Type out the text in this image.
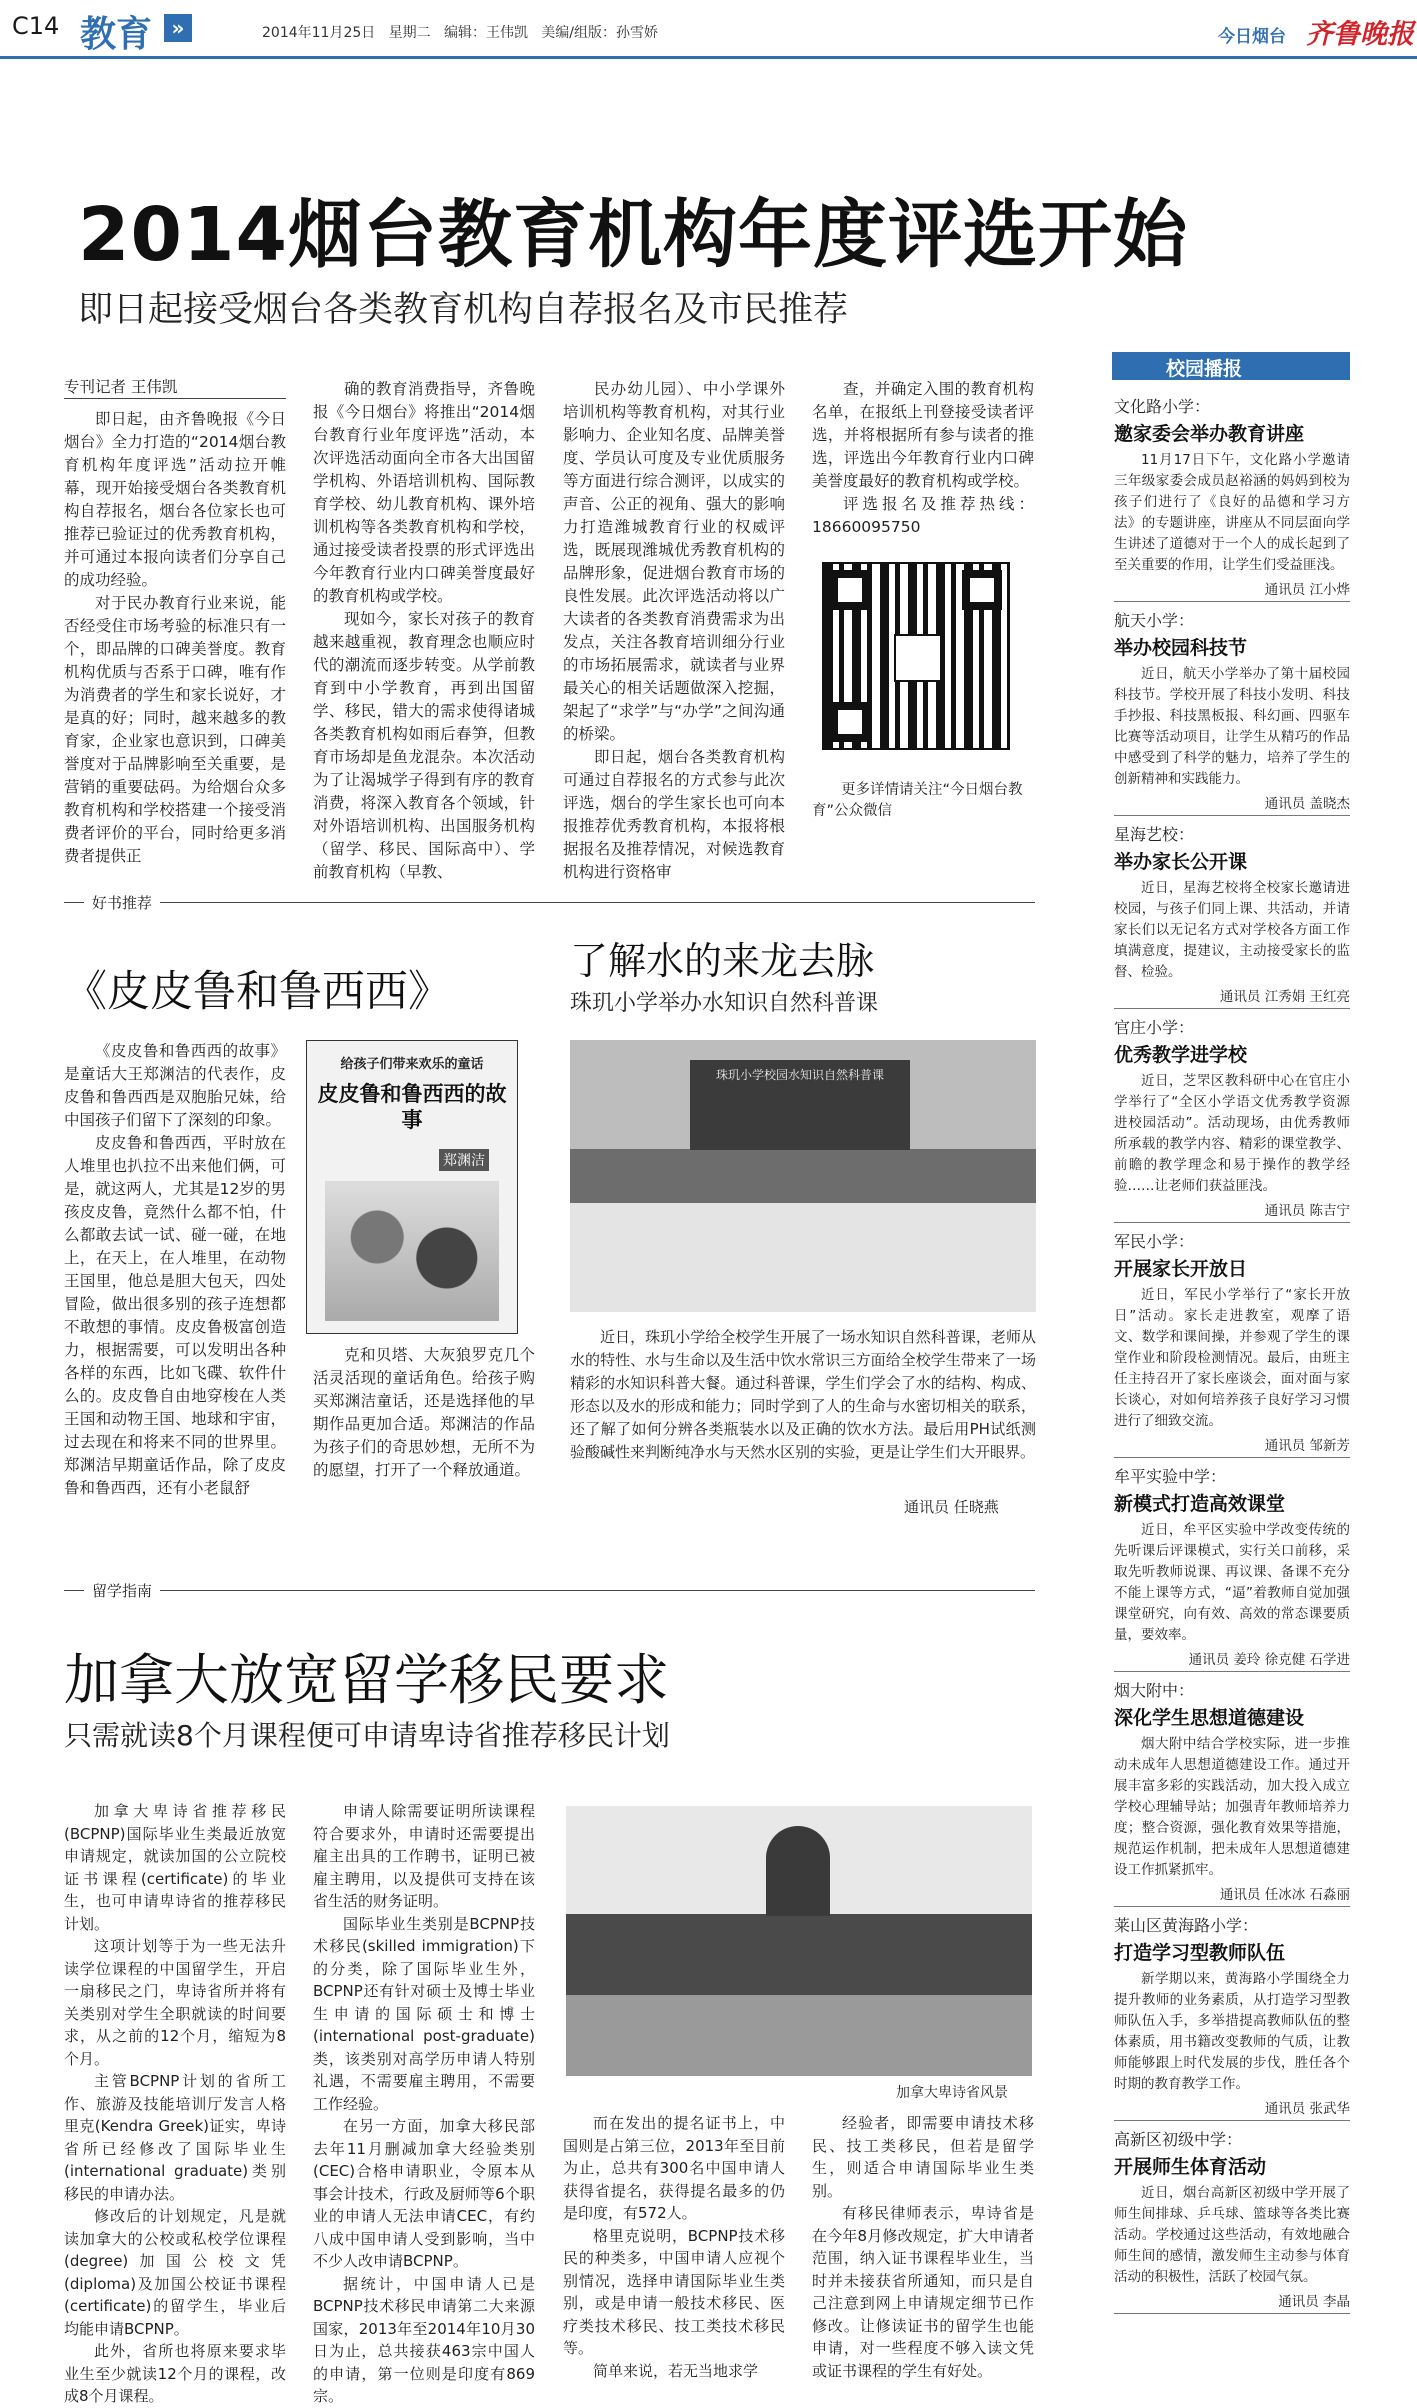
C14 教育 »	2014年11月25日   星期二   编辑：王伟凯   美编/组版：孙雪娇	今日烟台 齐鲁晚报
2014烟台教育机构年度评选开始
即日起接受烟台各类教育机构自荐报名及市民推荐
专刊记者 王伟凯

即日起，由齐鲁晚报《今日烟台》全力打造的“2014烟台教育机构年度评选”活动拉开帷幕，现开始接受烟台各类教育机构自荐报名，烟台各位家长也可推荐已验证过的优秀教育机构，并可通过本报向读者们分享自己的成功经验。

对于民办教育行业来说，能否经受住市场考验的标准只有一个，即品牌的口碑美誉度。教育机构优质与否系于口碑，唯有作为消费者的学生和家长说好，才是真的好；同时，越来越多的教育家，企业家也意识到，口碑美誉度对于品牌影响至关重要，是营销的重要砝码。为给烟台众多教育机构和学校搭建一个接受消费者评价的平台，同时给更多消费者提供正

确的教育消费指导，齐鲁晚报《今日烟台》将推出“2014烟台教育行业年度评选”活动，本次评选活动面向全市各大出国留学机构、外语培训机构、国际教育学校、幼儿教育机构、课外培训机构等各类教育机构和学校，通过接受读者投票的形式评选出今年教育行业内口碑美誉度最好的教育机构或学校。

现如今，家长对孩子的教育越来越重视，教育理念也顺应时代的潮流而逐步转变。从学前教育到中小学教育，再到出国留学、移民，错大的需求使得诸城各类教育机构如雨后春笋，但教育市场却是鱼龙混杂。本次活动为了让渴城学子得到有序的教育消费，将深入教育各个领域，针对外语培训机构、出国服务机构（留学、移民、国际高中）、学前教育机构（早教、

民办幼儿园）、中小学课外培训机构等教育机构，对其行业影响力、企业知名度、品牌美誉度、学员认可度及专业优质服务等方面进行综合测评，以成实的声音、公正的视角、强大的影响力打造潍城教育行业的权威评选，既展现潍城优秀教育机构的品牌形象，促进烟台教育市场的良性发展。此次评选活动将以广大读者的各类教育消费需求为出发点，关注各教育培训细分行业的市场拓展需求，就读者与业界最关心的相关话题做深入挖掘，架起了“求学”与“办学”之间沟通的桥梁。

即日起，烟台各类教育机构可通过自荐报名的方式参与此次评选，烟台的学生家长也可向本报推荐优秀教育机构，本报将根据报名及推荐情况，对候选教育机构进行资格审

查，并确定入围的教育机构名单，在报纸上刊登接受读者评选，并将根据所有参与读者的推选，评选出今年教育行业内口碑美誉度最好的教育机构或学校。

评选报名及推荐热线：18660095750

更多详情请关注“今日烟台教育”公众微信
好书推荐
《皮皮鲁和鲁西西》

《皮皮鲁和鲁西西的故事》是童话大王郑渊洁的代表作，皮皮鲁和鲁西西是双胞胎兄妹，给中国孩子们留下了深刻的印象。

皮皮鲁和鲁西西，平时放在人堆里也扒拉不出来他们俩，可是，就这两人，尤其是12岁的男孩皮皮鲁，竟然什么都不怕，什么都敢去试一试、碰一碰，在地上，在天上，在人堆里，在动物王国里，他总是胆大包天，四处冒险，做出很多别的孩子连想都不敢想的事情。皮皮鲁极富创造力，根据需要，可以发明出各种各样的东西，比如飞碟、软件什么的。皮皮鲁自由地穿梭在人类王国和动物王国、地球和宇宙，过去现在和将来不同的世界里。郑渊洁早期童话作品，除了皮皮鲁和鲁西西，还有小老鼠舒

给孩子们带来欢乐的童话
皮皮鲁和鲁西西的故事
郑渊洁

克和贝塔、大灰狼罗克几个活灵活现的童话角色。给孩子购买郑渊洁童话，还是选择他的早期作品更加合适。郑渊洁的作品为孩子们的奇思妙想，无所不为的愿望，打开了一个释放通道。

了解水的来龙去脉
珠玑小学举办水知识自然科普课
珠玑小学校园水知识自然科普课

近日，珠玑小学给全校学生开展了一场水知识自然科普课，老师从水的特性、水与生命以及生活中饮水常识三方面给全校学生带来了一场精彩的水知识科普大餐。通过科普课，学生们学会了水的结构、构成、形态以及水的形成和能力；同时学到了人的生命与水密切相关的联系，还了解了如何分辨各类瓶装水以及正确的饮水方法。最后用PH试纸测验酸碱性来判断纯净水与天然水区别的实验，更是让学生们大开眼界。

通讯员 任晓燕
留学指南
加拿大放宽留学移民要求
只需就读8个月课程便可申请卑诗省推荐移民计划

加拿大卑诗省推荐移民(BCPNP)国际毕业生类最近放宽申请规定，就读加国的公立院校证书课程(certificate)的毕业生，也可申请卑诗省的推荐移民计划。

这项计划等于为一些无法升读学位课程的中国留学生，开启一扇移民之门，卑诗省所并将有关类别对学生全职就读的时间要求，从之前的12个月，缩短为8个月。

主管BCPNP计划的省所工作、旅游及技能培训厅发言人格里克(Kendra Greek)证实，卑诗省所已经修改了国际毕业生(international graduate)类别移民的申请办法。

修改后的计划规定，凡是就读加拿大的公校或私校学位课程(degree)加国公校文凭(diploma)及加国公校证书课程(certificate)的留学生，毕业后均能申请BCPNP。

此外，省所也将原来要求毕业生至少就读12个月的课程，改成8个月课程。

申请人除需要证明所读课程符合要求外，申请时还需要提出雇主出具的工作聘书，证明已被雇主聘用，以及提供可支持在该省生活的财务证明。

国际毕业生类别是BCPNP技术移民(skilled immigration)下的分类，除了国际毕业生外，BCPNP还有针对硕士及博士毕业生申请的国际硕士和博士(international post-graduate)类，该类别对高学历申请人特别礼遇，不需要雇主聘用，不需要工作经验。

在另一方面，加拿大移民部去年11月删减加拿大经验类别(CEC)合格申请职业，令原本从事会计技术，行政及厨师等6个职业的申请人无法申请CEC，有约八成中国申请人受到影响，当中不少人改申请BCPNP。

据统计，中国申请人已是BCPNP技术移民申请第二大来源国家，2013年至2014年10月30日为止，总共接获463宗中国人的申请，第一位则是印度有869宗。

加拿大卑诗省风景

而在发出的提名证书上，中国则是占第三位，2013年至目前为止，总共有300名中国申请人获得省提名，获得提名最多的仍是印度，有572人。

格里克说明，BCPNP技术移民的种类多，中国申请人应视个别情况，选择申请国际毕业生类别，或是申请一般技术移民、医疗类技术移民、技工类技术移民等。

简单来说，若无当地求学

经验者，即需要申请技术移民、技工类移民，但若是留学生，则适合申请国际毕业生类别。

有移民律师表示，卑诗省是在今年8月修改规定，扩大申请者范围，纳入证书课程毕业生，当时并未接获省所通知，而只是自己注意到网上申请规定细节已作修改。让修读证书的留学生也能申请，对一些程度不够入读文凭或证书课程的学生有好处。

校园播报
文化路小学：
邀家委会举办教育讲座
11月17日下午，文化路小学邀请三年级家委会成员赵裕涵的妈妈到校为孩子们进行了《良好的品德和学习方法》的专题讲座，讲座从不同层面向学生讲述了道德对于一个人的成长起到了至关重要的作用，让学生们受益匪浅。
通讯员 江小烨
航天小学：
举办校园科技节
近日，航天小学举办了第十届校园科技节。学校开展了科技小发明、科技手抄报、科技黑板报、科幻画、四驱车比赛等活动项目，让学生从精巧的作品中感受到了科学的魅力，培养了学生的创新精神和实践能力。
通讯员 盖晓杰
星海艺校：
举办家长公开课
近日，星海艺校将全校家长邀请进校园，与孩子们同上课、共活动，并请家长们以无记名方式对学校各方面工作填满意度，提建议，主动接受家长的监督、检验。
通讯员 江秀娟 王红亮
官庄小学：
优秀教学进学校
近日，芝罘区教科研中心在官庄小学举行了“全区小学语文优秀教学资源进校园活动”。活动现场，由优秀教师所承载的教学内容、精彩的课堂教学、前瞻的教学理念和易于操作的教学经验……让老师们获益匪浅。
通讯员 陈吉宁
军民小学：
开展家长开放日
近日，军民小学举行了“家长开放日”活动。家长走进教室，观摩了语文、数学和课间操，并参观了学生的课堂作业和阶段检测情况。最后，由班主任主持召开了家长座谈会，面对面与家长谈心，对如何培养孩子良好学习习惯进行了细致交流。
通讯员 邹新芳
牟平实验中学：
新模式打造高效课堂
近日，牟平区实验中学改变传统的先听课后评课模式，实行关口前移，采取先听教师说课、再议课、备课不充分不能上课等方式，“逼”着教师自觉加强课堂研究，向有效、高效的常态课要质量，要效率。
通讯员 姜玲 徐克健 石学进
烟大附中：
深化学生思想道德建设
烟大附中结合学校实际，进一步推动未成年人思想道德建设工作。通过开展丰富多彩的实践活动，加大投入成立学校心理辅导站；加强青年教师培养力度；整合资源，强化教育效果等措施，规范运作机制，把未成年人思想道德建设工作抓紧抓牢。
通讯员 任冰冰 石淼丽
莱山区黄海路小学：
打造学习型教师队伍
新学期以来，黄海路小学围绕全力提升教师的业务素质，从打造学习型教师队伍入手，多举措提高教师队伍的整体素质，用书籍改变教师的气质，让教师能够跟上时代发展的步伐，胜任各个时期的教育教学工作。
通讯员 张武华
高新区初级中学：
开展师生体育活动
近日，烟台高新区初级中学开展了师生间排球、乒乓球、篮球等各类比赛活动。学校通过这些活动，有效地融合师生间的感情，激发师生主动参与体育活动的积极性，活跃了校园气氛。
通讯员 李晶
